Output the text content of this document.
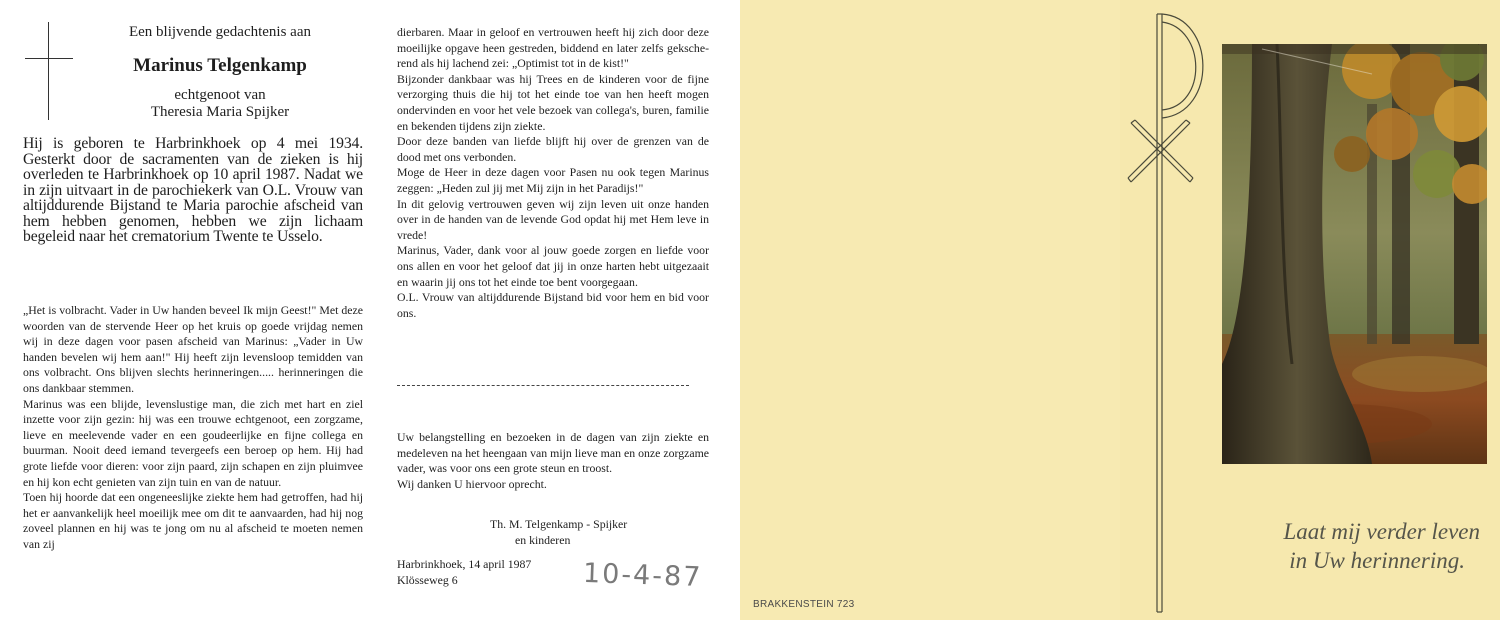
Een blijvende gedachtenis aan
Marinus Telgenkamp
echtgenoot van
Theresia Maria Spijker
Hij is geboren te Harbrinkhoek op 4 mei 1934. Gesterkt door de sacramenten van de zieken is hij overleden te Harbrinkhoek op 10 april 1987. Nadat we in zijn uitvaart in de parochiekerk van O.L. Vrouw van altijddurende Bijstand te Maria parochie afscheid van hem hebben genomen, hebben we zijn lichaam begeleid naar het crematorium Twente te Usselo.

„Het is volbracht. Vader in Uw handen beveel Ik mijn Geest!" Met deze woorden van de stervende Heer op het kruis op goede vrijdag nemen wij in deze dagen voor pasen afscheid van Marinus: „Vader in Uw handen bevelen wij hem aan!" Hij heeft zijn levensloop temidden van ons volbracht. Ons blijven slechts herinneringen..... herinneringen die ons dankbaar stemmen.

Marinus was een blijde, levenslustige man, die zich met hart en ziel inzette voor zijn gezin: hij was een trouwe echtgenoot, een zorgzame, lieve en meelevende vader en een goudeerlijke en fijne collega en buurman. Nooit deed iemand tevergeefs een beroep op hem. Hij had grote liefde voor dieren: voor zijn paard, zijn schapen en zijn pluimvee en hij kon echt genieten van zijn tuin en van de natuur.

Toen hij hoorde dat een ongeneeslijke ziekte hem had getroffen, had hij het er aanvankelijk heel moeilijk mee om dit te aanvaarden, had hij nog zoveel plannen en hij was te jong om nu al afscheid te moeten nemen van zij

dierbaren. Maar in geloof en vertrouwen heeft hij zich door deze moeilijke opgave heen gestreden, biddend en later zelfs gekscherend als hij lachend zei: „Optimist tot in de kist!"

Bijzonder dankbaar was hij Trees en de kinderen voor de fijne verzorging thuis die hij tot het einde toe van hen heeft mogen ondervinden en voor het vele bezoek van collega's, buren, familie en bekenden tijdens zijn ziekte.

Door deze banden van liefde blijft hij over de grenzen van de dood met ons verbonden.

Moge de Heer in deze dagen voor Pasen nu ook tegen Marinus zeggen: „Heden zul jij met Mij zijn in het Paradijs!"

In dit gelovig vertrouwen geven wij zijn leven uit onze handen over in de handen van de levende God opdat hij met Hem leve in vrede!

Marinus, Vader, dank voor al jouw goede zorgen en liefde voor ons allen en voor het geloof dat jij in onze harten hebt uitgezaait en waarin jij ons tot het einde toe bent voorgegaan.

O.L. Vrouw van altijddurende Bijstand bid voor hem en bid voor ons.

Uw belangstelling en bezoeken in de dagen van zijn ziekte en medeleven na het heengaan van mijn lieve man en onze zorgzame vader, was voor ons een grote steun en troost.

Wij danken U hiervoor oprecht.

Th. M. Telgenkamp - Spijker
en kinderen
Harbrinkhoek, 14 april 1987
Klösseweg 6	10-4-87
BRAKKENSTEIN 723
Laat mij verder leven
in Uw herinnering.
